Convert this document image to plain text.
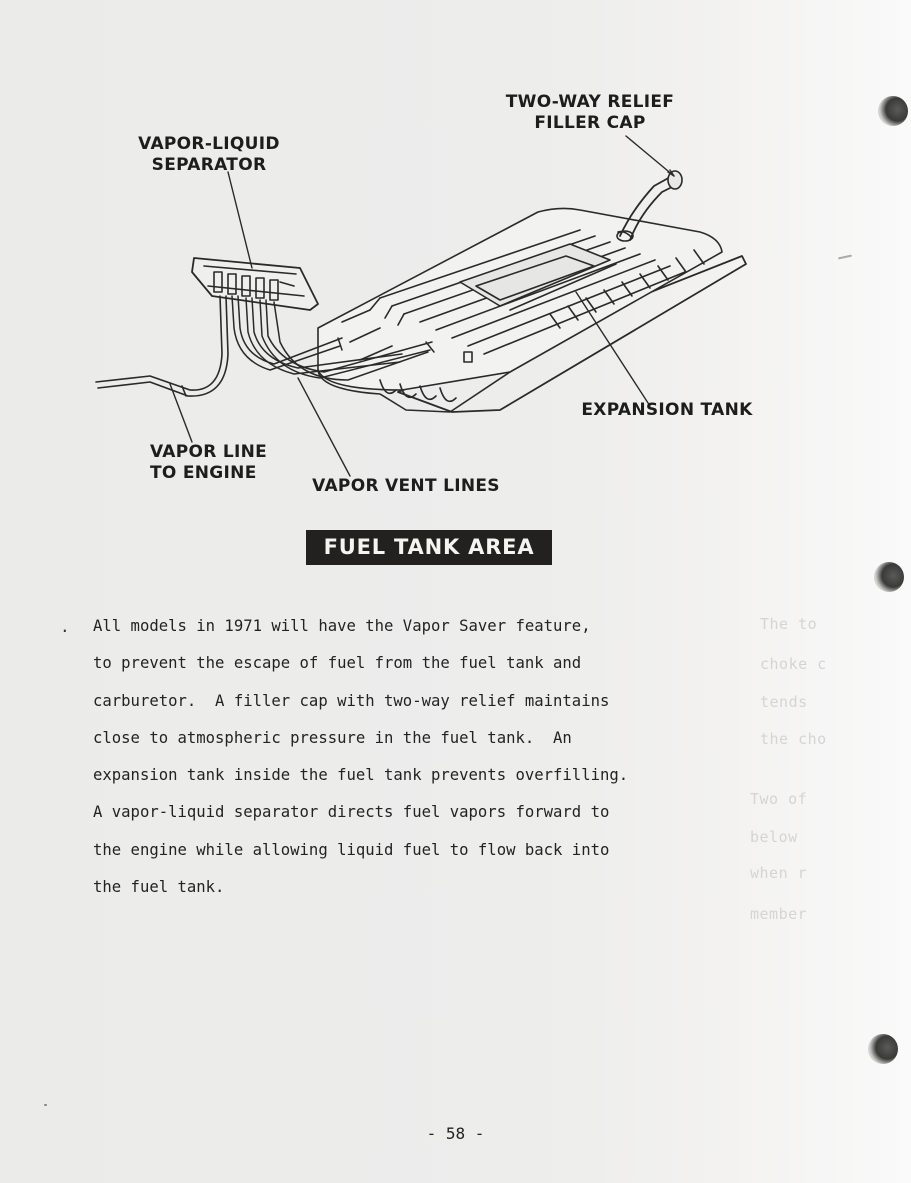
The to
choke c
tends
the cho
Two of
below
when r
member
TWO-WAY RELIEF
FILLER CAP
VAPOR-LIQUID
SEPARATOR
EXPANSION TANK
VAPOR LINE
TO ENGINE
VAPOR VENT LINES
FUEL TANK AREA
. All models in 1971 will have the Vapor Saver feature,
to prevent the escape of fuel from the fuel tank and
carburetor.  A filler cap with two-way relief maintains
close to atmospheric pressure in the fuel tank.  An
expansion tank inside the fuel tank prevents overfilling.
A vapor-liquid separator directs fuel vapors forward to
the engine while allowing liquid fuel to flow back into
the fuel tank.
- 58 -
